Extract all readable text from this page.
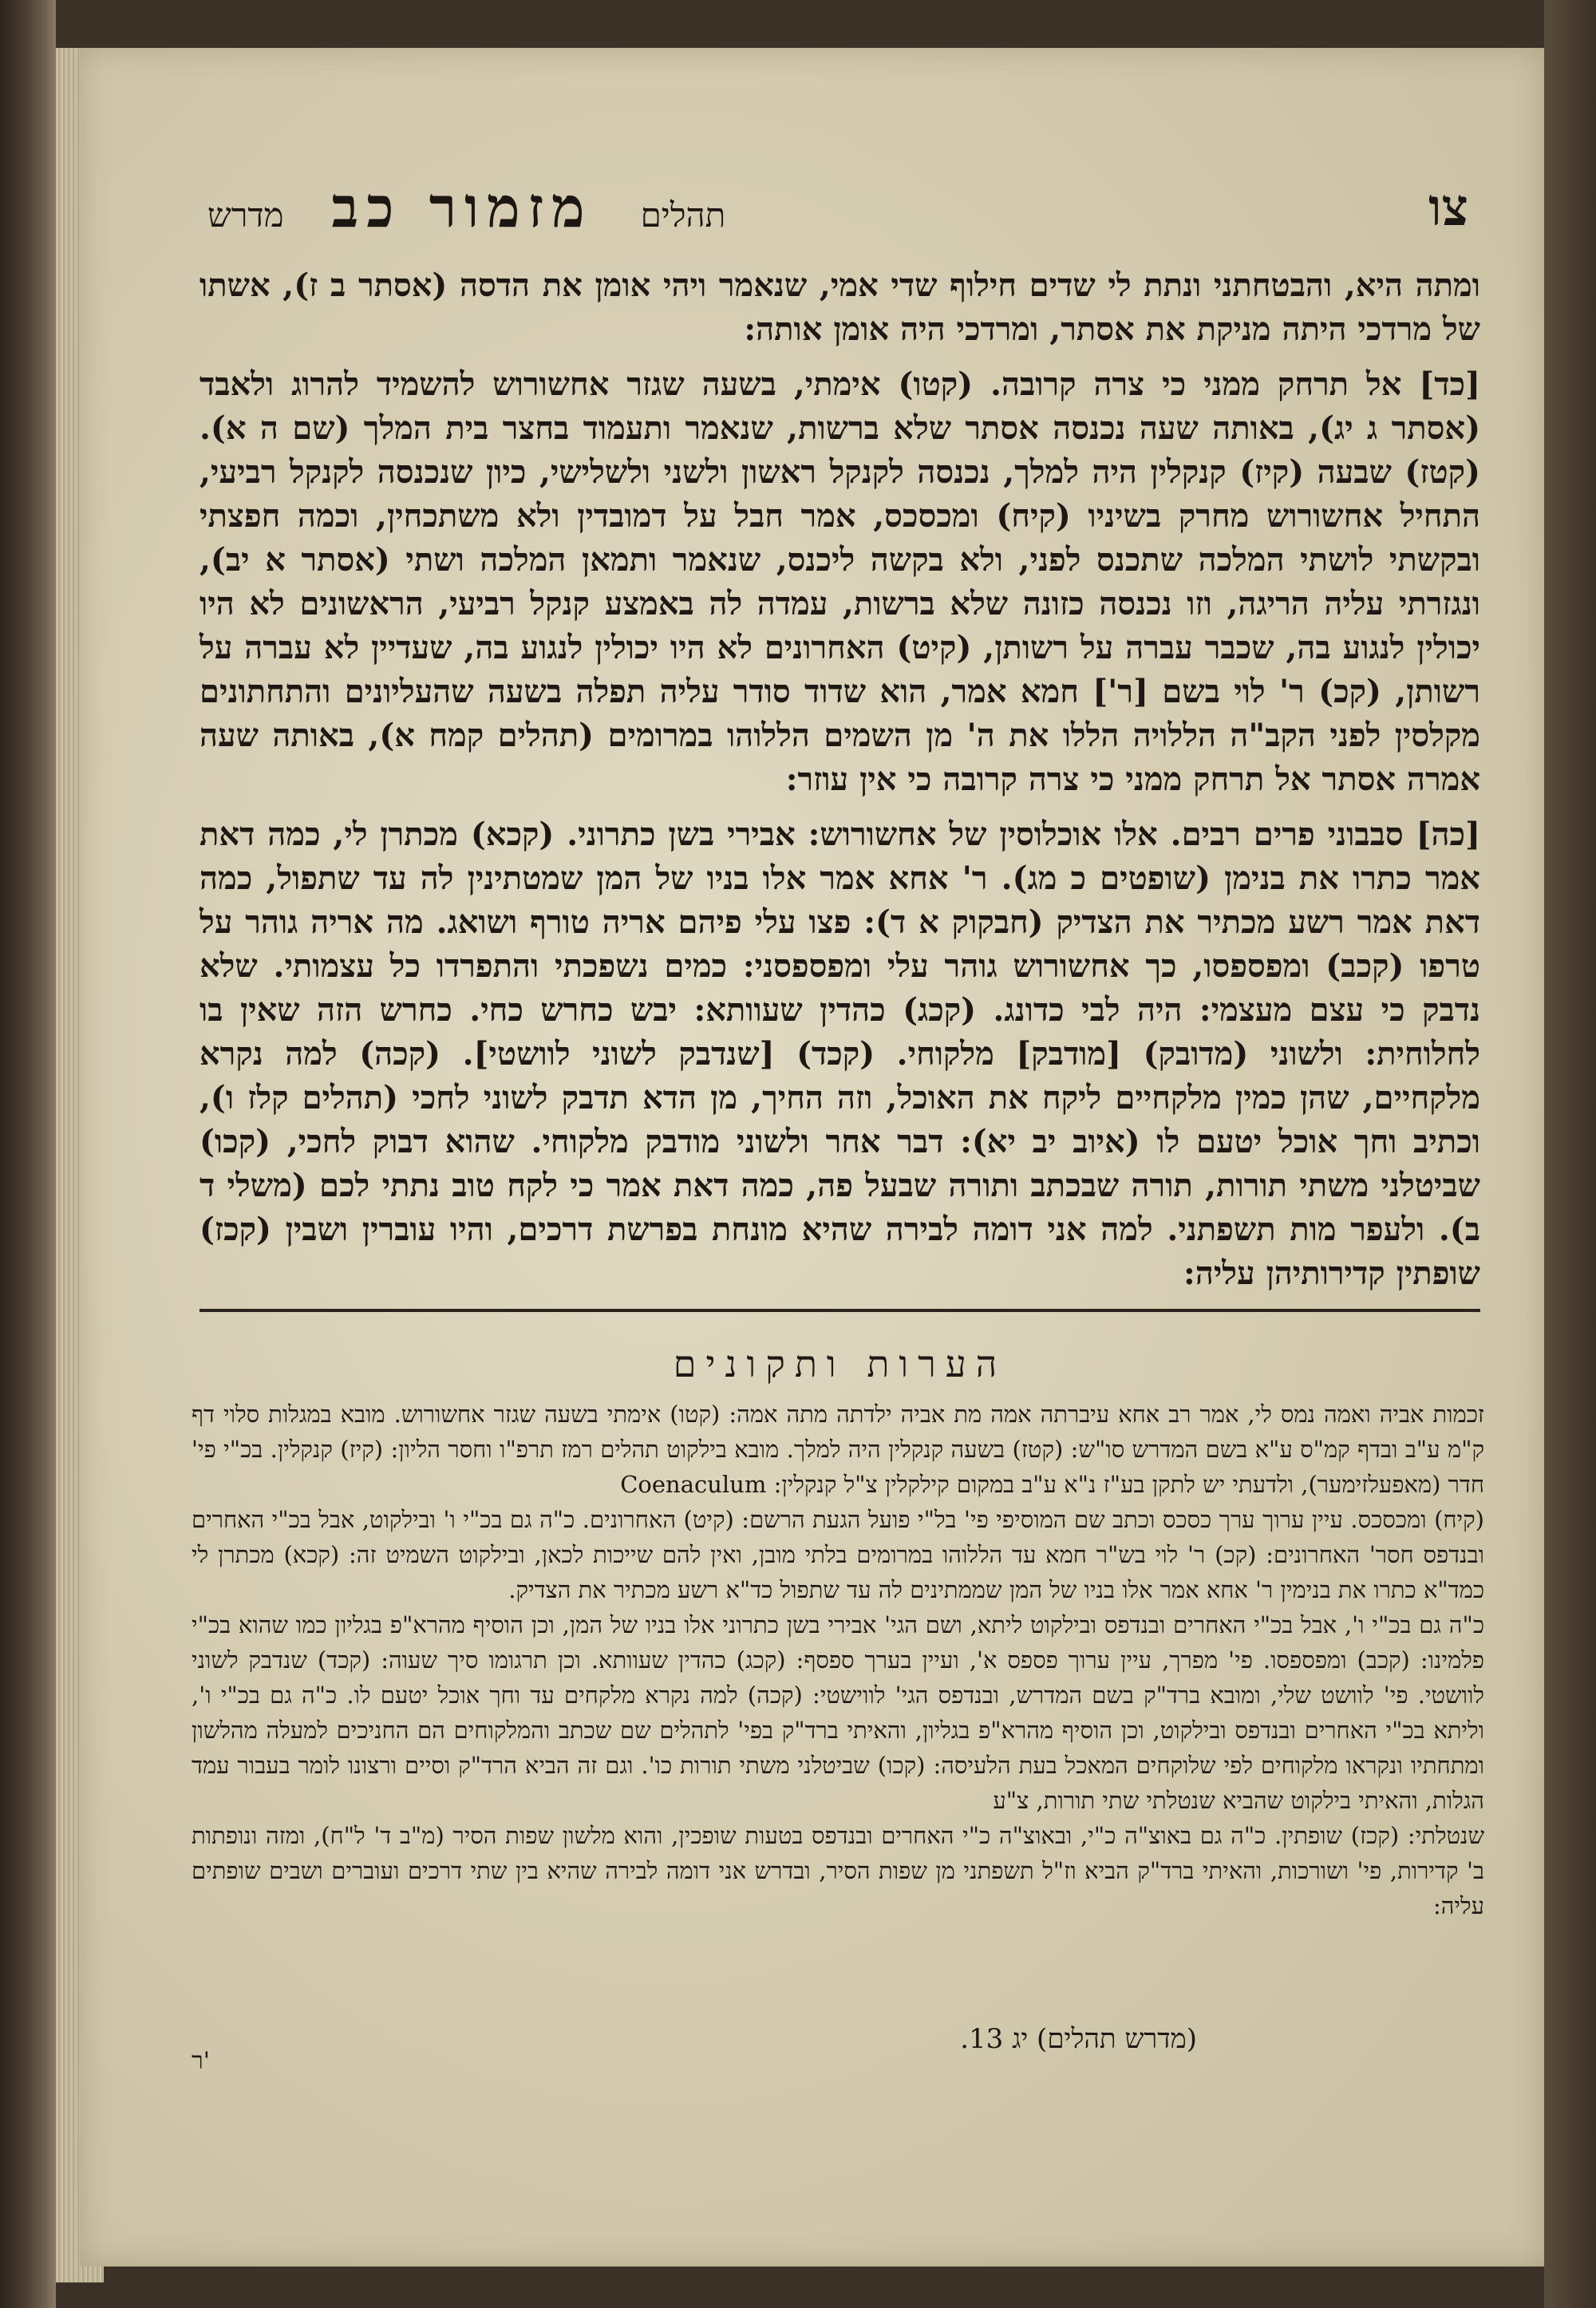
צו
תהלים
מזמור כב
מדרש

ומתה היא, והבטחתני ונתת לי שדים חילוף שדי אמי, שנאמר ויהי אומן את הדסה (אסתר ב ז), אשתו של מרדכי היתה מניקת את אסתר, ומרדכי היה אומן אותה:

[כד] אל תרחק ממני כי צרה קרובה. (קטו) אימתי, בשעה שגזר אחשורוש להשמיד להרוג ולאבד (אסתר ג יג), באותה שעה נכנסה אסתר שלא ברשות, שנאמר ותעמוד בחצר בית המלך (שם ה א). (קטז) שבעה (קיז) קנקלין היה למלך, נכנסה לקנקל ראשון ולשני ולשלישי, כיון שנכנסה לקנקל רביעי, התחיל אחשורוש מחרק בשיניו (קיח) ומכסכס, אמר חבל על דמובדין ולא משתכחין, וכמה חפצתי ובקשתי לושתי המלכה שתכנס לפני, ולא בקשה ליכנס, שנאמר ותמאן המלכה ושתי (אסתר א יב), ונגזרתי עליה הריגה, וזו נכנסה כזונה שלא ברשות, עמדה לה באמצע קנקל רביעי, הראשונים לא היו יכולין לנגוע בה, שכבר עברה על רשותן, (קיט) האחרונים לא היו יכולין לנגוע בה, שעדיין לא עברה על רשותן, (קכ) ר' לוי בשם [ר'] חמא אמר, הוא שדוד סודר עליה תפלה בשעה שהעליונים והתחתונים מקלסין לפני הקב"ה הללויה הללו את ה' מן השמים הללוהו במרומים (תהלים קמח א), באותה שעה אמרה אסתר אל תרחק ממני כי צרה קרובה כי אין עוזר:

[כה] סבבוני פרים רבים. אלו אוכלוסין של אחשורוש: אבירי בשן כתרוני. (קכא) מכתרן לי, כמה דאת אמר כתרו את בנימן (שופטים כ מג). ר' אחא אמר אלו בניו של המן שמטתינין לה עד שתפול, כמה דאת אמר רשע מכתיר את הצדיק (חבקוק א ד): פצו עלי פיהם אריה טורף ושואג. מה אריה גוהר על טרפו (קכב) ומפספסו, כך אחשורוש גוהר עלי ומפספסני: כמים נשפכתי והתפרדו כל עצמותי. שלא נדבק כי עצם מעצמי: היה לבי כדונג. (קכג) כהדין שעוותא: יבש כחרש כחי. כחרש הזה שאין בו לחלוחית: ולשוני (מדובק) [מודבק] מלקוחי. (קכד) [שנדבק לשוני לוושטי]. (קכה) למה נקרא מלקחיים, שהן כמין מלקחיים ליקח את האוכל, וזה החיך, מן הדא תדבק לשוני לחכי (תהלים קלז ו), וכתיב וחך אוכל יטעם לו (איוב יב יא): דבר אחר ולשוני מודבק מלקוחי. שהוא דבוק לחכי, (קכו) שביטלני משתי תורות, תורה שבכתב ותורה שבעל פה, כמה דאת אמר כי לקח טוב נתתי לכם (משלי ד ב). ולעפר מות תשפתני. למה אני דומה לבירה שהיא מונחת בפרשת דרכים, והיו עוברין ושבין (קכז) שופתין קדירותיהן עליה:

הערות ותקונים

זכמות אביה ואמה נמס לי, אמר רב אחא עיברתה אמה מת אביה ילדתה מתה אמה: (קטו) אימתי בשעה שגזר אחשורוש. מובא במגלות סלוי דף ק"מ ע"ב ובדף קמ"ס ע"א בשם המדרש סו"ש: (קטז) בשעה קנקלין היה למלך. מובא בילקוט תהלים רמז תרפ"ו וחסר הליון: (קיז) קנקלין. בכ"י פי' חדר (מאפעלזימער), ולדעתי יש לתקן בע"ז נ"א ע"ב במקום קילקלין צ"ל קנקלין: Coenaculum

(קיח) ומכסכס. עיין ערוך ערך כסכס וכתב שם המוסיפי פי' בל"י פועל הגעת הרשם: (קיט) האחרונים. כ"ה גם בכ"י ו' ובילקוט, אבל בכ"י האחרים ובנדפס חסר' האחרונים: (קכ) ר' לוי בש"ר חמא עד הללוהו במרומים בלתי מובן, ואין להם שייכות לכאן, ובילקוט השמיט זה: (קכא) מכתרן לי כמד"א כתרו את בנימין ר' אחא אמר אלו בניו של המן שממתינים לה עד שתפול כד"א רשע מכתיר את הצדיק.

כ"ה גם בכ"י ו', אבל בכ"י האחרים ובנדפס ובילקוט ליתא, ושם הגי' אבירי בשן כתרוני אלו בניו של המן, וכן הוסיף מהרא"פ בגליון כמו שהוא בכ"י פלמינו: (קכב) ומפספסו. פי' מפרך, עיין ערוך פספס א', ועיין בערך ספסף: (קכג) כהדין שעוותא. וכן תרגומו סיך שעוה: (קכד) שנדבק לשוני לוושטי. פי' לוושט שלי, ומובא ברד"ק בשם המדרש, ובנדפס הגי' לווישטי: (קכה) למה נקרא מלקחים עד וחך אוכל יטעם לו. כ"ה גם בכ"י ו', וליתא בכ"י האחרים ובנדפס ובילקוט, וכן הוסיף מהרא"פ בגליון, והאיתי ברד"ק בפי' לתהלים שם שכתב והמלקוחים הם החניכים למעלה מהלשון ומתחתיו ונקראו מלקוחים לפי שלוקחים המאכל בעת הלעיסה: (קכו) שביטלני משתי תורות כו'. וגם זה הביא הרד"ק וסיים ורצונו לומר בעבור עמד הגלות, והאיתי בילקוט שהביא שנטלתי שתי תורות, צ"ע

שנטלתי: (קכז) שופתין. כ"ה גם באוצ"ה כ"י, ובאוצ"ה כ"י האחרים ובנדפס בטעות שופכין, והוא מלשון שפות הסיר (מ"ב ד' ל"ח), ומזה ונופתות ב' קדירות, פי' ושורכות, והאיתי ברד"ק הביא וז"ל תשפתני מן שפות הסיר, ובדרש אני דומה לבירה שהיא בין שתי דרכים ועוברים ושבים שופתים עליה:

(מדרש תהלים) יג 13.
ר'
